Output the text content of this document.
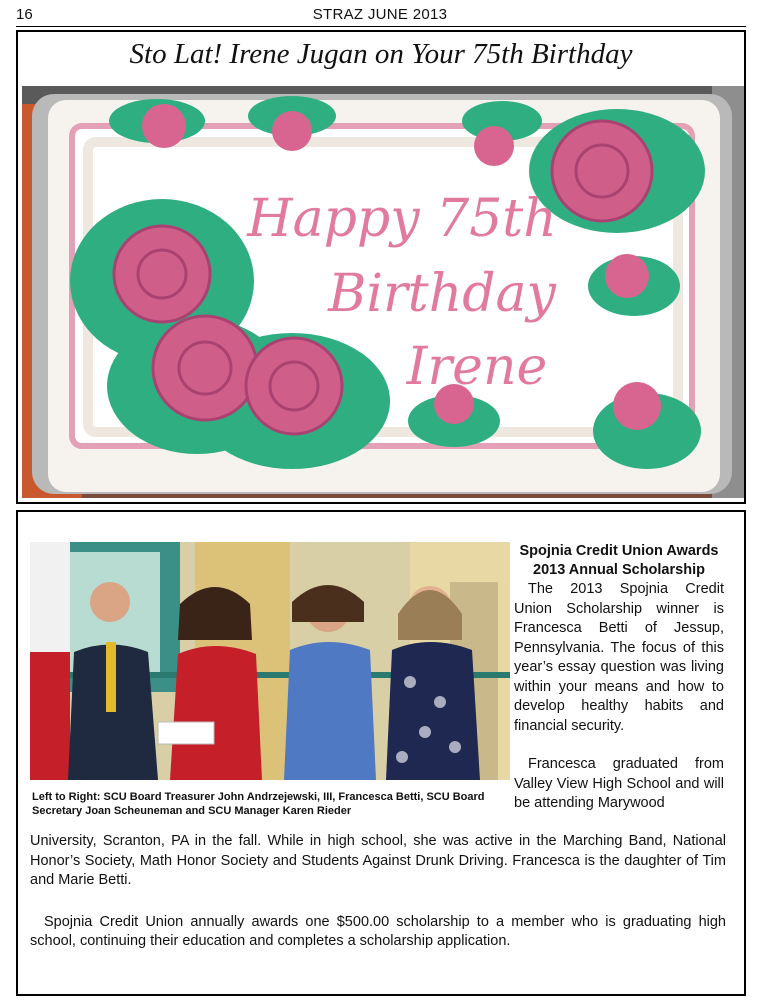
16	STRAZ JUNE 2013
Sto Lat! Irene Jugan on Your 75th Birthday
Happy 75th
Birthday
Irene
Left to Right: SCU Board Treasurer John Andrzejewski, III, Francesca Betti, SCU Board Secretary Joan Scheuneman and SCU Manager Karen Rieder

Spojnia Credit Union Awards 2013 Annual Scholarship

The 2013 Spojnia Credit Union Scholarship winner is Francesca Betti of Jessup, Pennsylvania. The focus of this year’s essay question was living within your means and how to develop healthy habits and financial security.

Francesca graduated from Valley View High School and will be attending Marywood

University, Scranton, PA in the fall. While in high school, she was active in the Marching Band, National Honor’s Society, Math Honor Society and Students Against Drunk Driving. Francesca is the daughter of Tim and Marie Betti.

Spojnia Credit Union annually awards one $500.00 scholarship to a member who is graduating high school, continuing their education and completes a scholarship application.
